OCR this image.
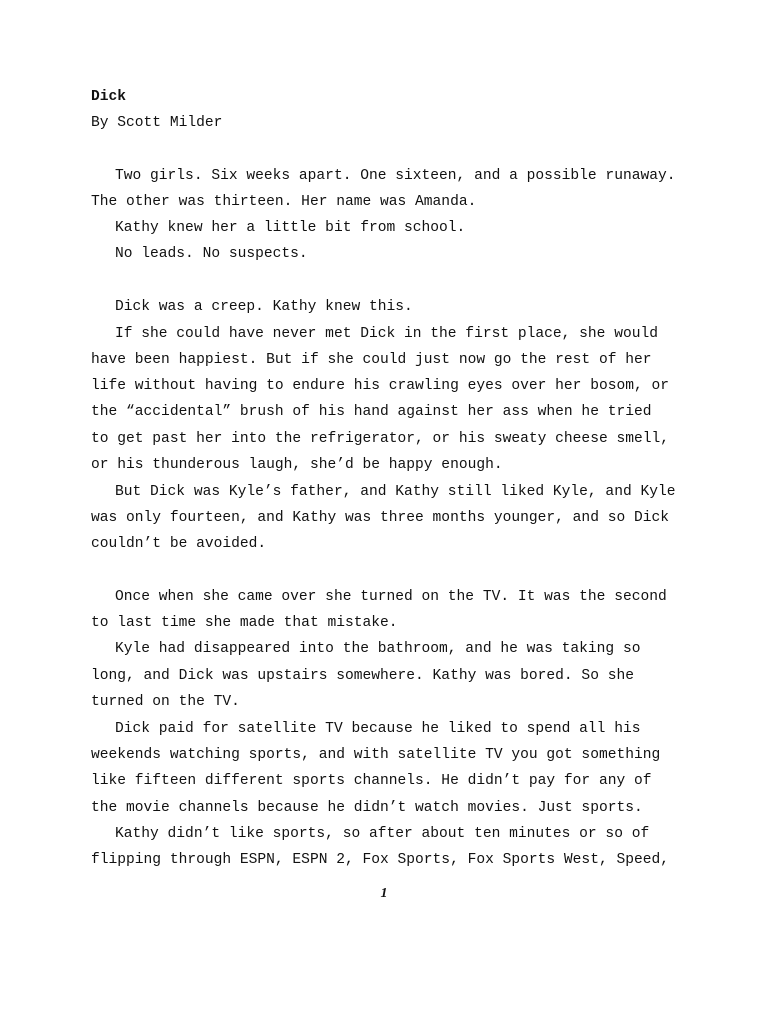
Dick
By Scott Milder
Two girls. Six weeks apart. One sixteen, and a possible runaway.
The other was thirteen. Her name was Amanda.
Kathy knew her a little bit from school.
No leads. No suspects.
Dick was a creep. Kathy knew this.
If she could have never met Dick in the first place, she would
have been happiest. But if she could just now go the rest of her
life without having to endure his crawling eyes over her bosom, or
the “accidental” brush of his hand against her ass when he tried
to get past her into the refrigerator, or his sweaty cheese smell,
or his thunderous laugh, she’d be happy enough.
But Dick was Kyle’s father, and Kathy still liked Kyle, and Kyle
was only fourteen, and Kathy was three months younger, and so Dick
couldn’t be avoided.
Once when she came over she turned on the TV. It was the second
to last time she made that mistake.
Kyle had disappeared into the bathroom, and he was taking so
long, and Dick was upstairs somewhere. Kathy was bored. So she
turned on the TV.
Dick paid for satellite TV because he liked to spend all his
weekends watching sports, and with satellite TV you got something
like fifteen different sports channels. He didn’t pay for any of
the movie channels because he didn’t watch movies. Just sports.
Kathy didn’t like sports, so after about ten minutes or so of
flipping through ESPN, ESPN 2, Fox Sports, Fox Sports West, Speed,
1
